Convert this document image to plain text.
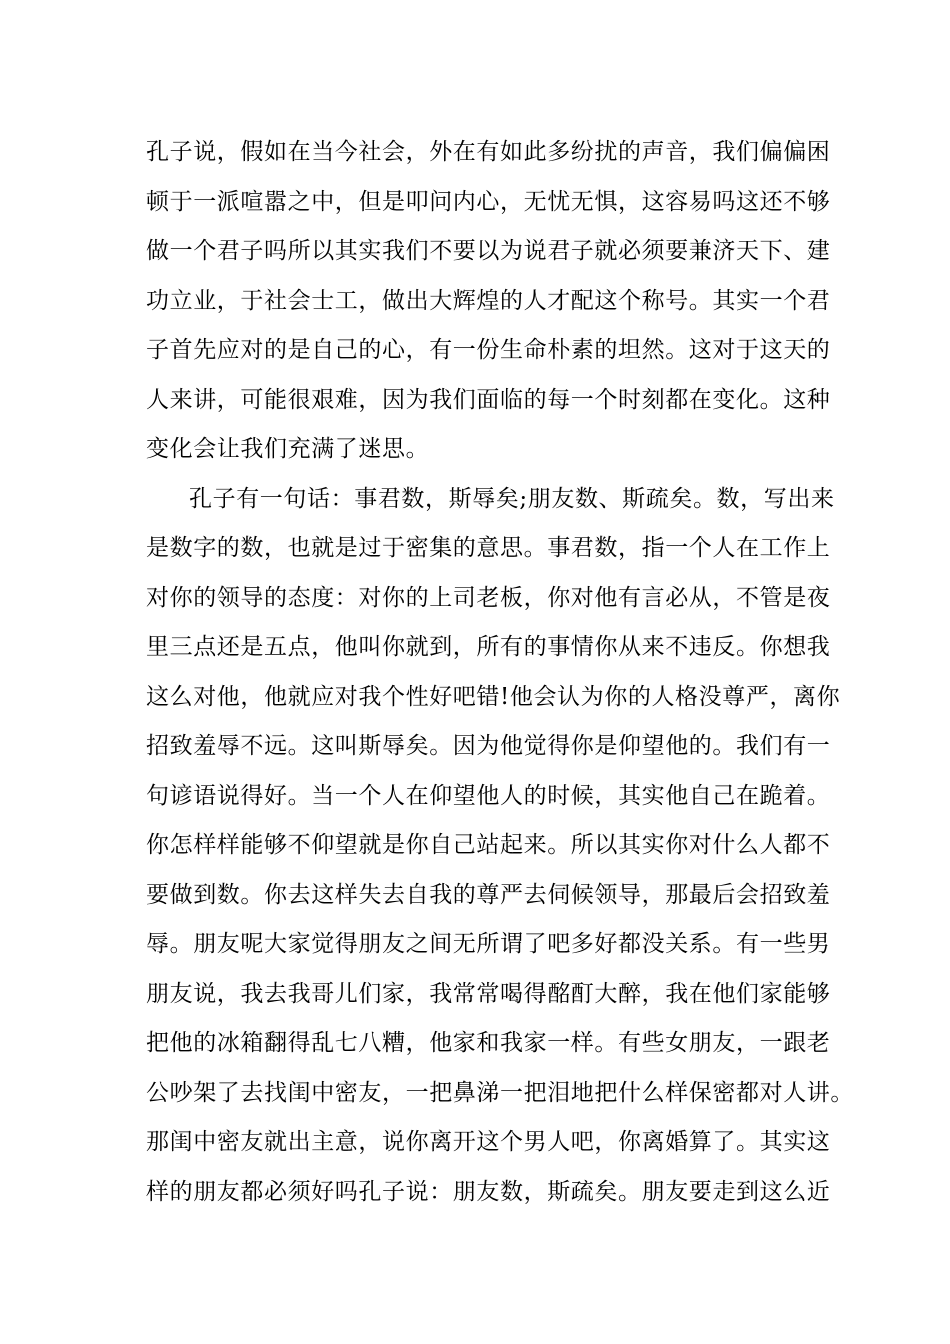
孔子说，假如在当今社会，外在有如此多纷扰的声音，我们偏偏困
顿于一派喧嚣之中，但是叩问内心，无忧无惧，这容易吗这还不够
做一个君子吗所以其实我们不要以为说君子就必须要兼济天下、建
功立业，于社会士工，做出大辉煌的人才配这个称号。其实一个君
子首先应对的是自己的心，有一份生命朴素的坦然。这对于这天的
人来讲，可能很艰难，因为我们面临的每一个时刻都在变化。这种
变化会让我们充满了迷思。
孔子有一句话：事君数，斯辱矣;朋友数、斯疏矣。数，写出来
是数字的数，也就是过于密集的意思。事君数，指一个人在工作上
对你的领导的态度：对你的上司老板，你对他有言必从，不管是夜
里三点还是五点，他叫你就到，所有的事情你从来不违反。你想我
这么对他，他就应对我个性好吧错!他会认为你的人格没尊严，离你
招致羞辱不远。这叫斯辱矣。因为他觉得你是仰望他的。我们有一
句谚语说得好。当一个人在仰望他人的时候，其实他自己在跪着。
你怎样样能够不仰望就是你自己站起来。所以其实你对什么人都不
要做到数。你去这样失去自我的尊严去伺候领导，那最后会招致羞
辱。朋友呢大家觉得朋友之间无所谓了吧多好都没关系。有一些男
朋友说，我去我哥儿们家，我常常喝得酩酊大醉，我在他们家能够
把他的冰箱翻得乱七八糟，他家和我家一样。有些女朋友，一跟老
公吵架了去找闺中密友，一把鼻涕一把泪地把什么样保密都对人讲。
那闺中密友就出主意，说你离开这个男人吧，你离婚算了。其实这
样的朋友都必须好吗孔子说：朋友数，斯疏矣。朋友要走到这么近
